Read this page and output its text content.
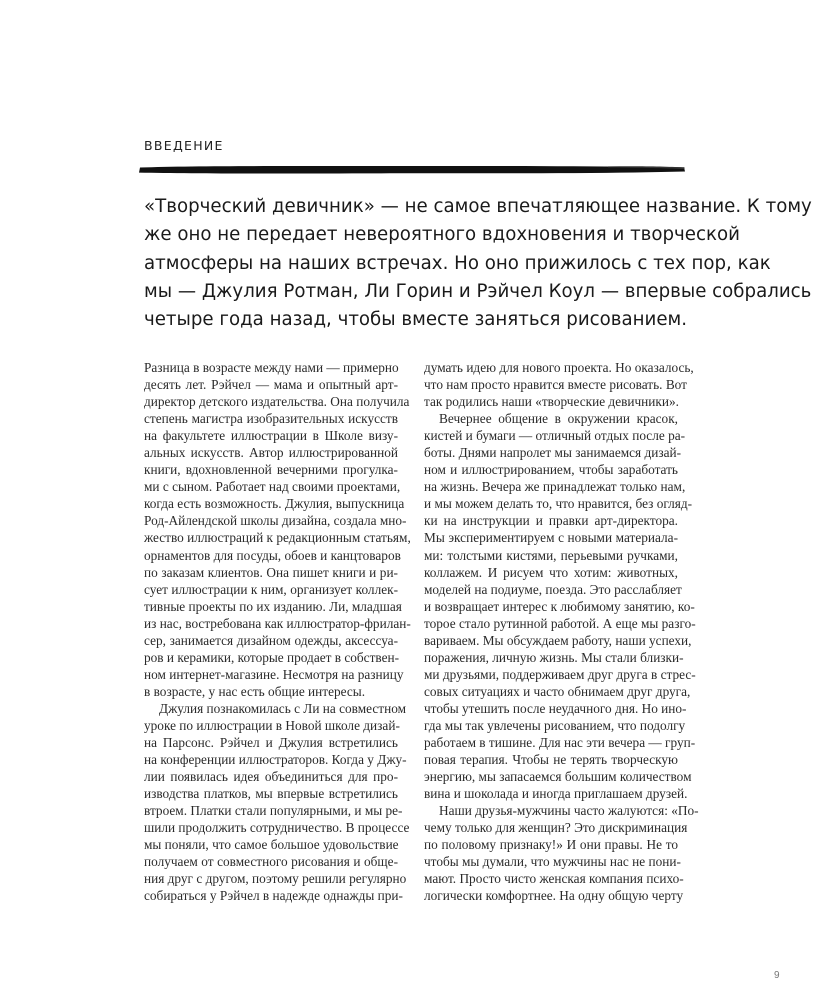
ВВЕДЕНИЕ
«Творческий девичник» — не самое впечатляющее название. К тому
же оно не передает невероятного вдохновения и творческой
атмосферы на наших встречах. Но оно прижилось с тех пор, как
мы — Джулия Ротман, Ли Горин и Рэйчел Коул — впервые собрались
четыре года назад, чтобы вместе заняться рисованием.
Разница в возрасте между нами — примерно
десять лет. Рэйчел — мама и опытный арт-
директор детского издательства. Она получила
степень магистра изобразительных искусств
на факультете иллюстрации в Школе визу-
альных искусств. Автор иллюстрированной
книги, вдохновленной вечерними прогулка-
ми с сыном. Работает над своими проектами,
когда есть возможность. Джулия, выпускница
Род-Айлендской школы дизайна, создала мно-
жество иллюстраций к редакционным статьям,
орнаментов для посуды, обоев и канцтоваров
по заказам клиентов. Она пишет книги и ри-
сует иллюстрации к ним, организует коллек-
тивные проекты по их изданию. Ли, младшая
из нас, востребована как иллюстратор-фрилан-
сер, занимается дизайном одежды, аксессуа-
ров и керамики, которые продает в собствен-
ном интернет-магазине. Несмотря на разницу
в возрасте, у нас есть общие интересы.
Джулия познакомилась с Ли на совместном
уроке по иллюстрации в Новой школе дизай-
на Парсонс. Рэйчел и Джулия встретились
на конференции иллюстраторов. Когда у Джу-
лии появилась идея объединиться для про-
изводства платков, мы впервые встретились
втроем. Платки стали популярными, и мы ре-
шили продолжить сотрудничество. В процессе
мы поняли, что самое большое удовольствие
получаем от совместного рисования и обще-
ния друг с другом, поэтому решили регулярно
собираться у Рэйчел в надежде однажды при-
думать идею для нового проекта. Но оказалось,
что нам просто нравится вместе рисовать. Вот
так родились наши «творческие девичники».
Вечернее общение в окружении красок,
кистей и бумаги — отличный отдых после ра-
боты. Днями напролет мы занимаемся дизай-
ном и иллюстрированием, чтобы заработать
на жизнь. Вечера же принадлежат только нам,
и мы можем делать то, что нравится, без огляд-
ки на инструкции и правки арт-директора.
Мы экспериментируем с новыми материала-
ми: толстыми кистями, перьевыми ручками,
коллажем. И рисуем что хотим: животных,
моделей на подиуме, поезда. Это расслабляет
и возвращает интерес к любимому занятию, ко-
торое стало рутинной работой. А еще мы разго-
вариваем. Мы обсуждаем работу, наши успехи,
поражения, личную жизнь. Мы стали близки-
ми друзьями, поддерживаем друг друга в стрес-
совых ситуациях и часто обнимаем друг друга,
чтобы утешить после неудачного дня. Но ино-
гда мы так увлечены рисованием, что подолгу
работаем в тишине. Для нас эти вечера — груп-
повая терапия. Чтобы не терять творческую
энергию, мы запасаемся большим количеством
вина и шоколада и иногда приглашаем друзей.
Наши друзья-мужчины часто жалуются: «По-
чему только для женщин? Это дискриминация
по половому признаку!» И они правы. Не то
чтобы мы думали, что мужчины нас не пони-
мают. Просто чисто женская компания психо-
логически комфортнее. На одну общую черту
9
